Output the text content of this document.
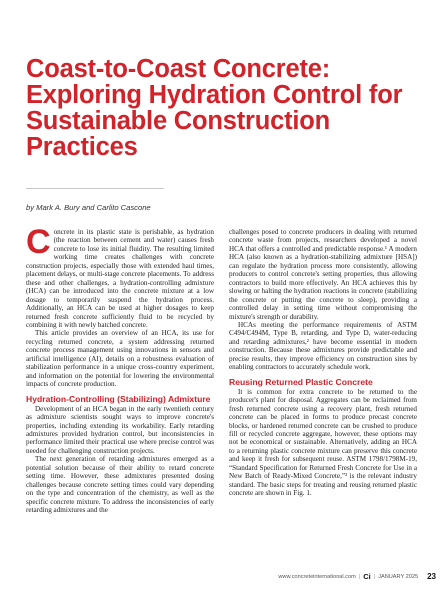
Coast-to-Coast Concrete: Exploring Hydration Control for Sustainable Construction Practices
by Mark A. Bury and Carlito Cascone

Concrete in its plastic state is perishable, as hydration (the reaction between cement and water) causes fresh concrete to lose its initial fluidity. The resulting limited working time creates challenges with concrete construction projects, especially those with extended haul times, placement delays, or multi-stage concrete placements. To address these and other challenges, a hydration-controlling admixture (HCA) can be introduced into the concrete mixture at a low dosage to temporarily suspend the hydration process. Additionally, an HCA can be used at higher dosages to keep returned fresh concrete sufficiently fluid to be recycled by combining it with newly batched concrete.

This article provides an overview of an HCA, its use for recycling returned concrete, a system addressing returned concrete process management using innovations in sensors and artificial intelligence (AI), details on a robustness evaluation of stabilization performance in a unique cross-country experiment, and information on the potential for lowering the environmental impacts of concrete production.

Hydration-Controlling (Stabilizing) Admixture

Development of an HCA began in the early twentieth century as admixture scientists sought ways to improve concrete's properties, including extending its workability. Early retarding admixtures provided hydration control, but inconsistencies in performance limited their practical use where precise control was needed for challenging construction projects.

The next generation of retarding admixtures emerged as a potential solution because of their ability to retard concrete setting time. However, these admixtures presented dosing challenges because concrete setting times could vary depending on the type and concentration of the chemistry, as well as the specific concrete mixture. To address the inconsistencies of early retarding admixtures and the

challenges posed to concrete producers in dealing with returned concrete waste from projects, researchers developed a novel HCA that offers a controlled and predictable response.¹ A modern HCA (also known as a hydration-stabilizing admixture [HSA]) can regulate the hydration process more consistently, allowing producers to control concrete's setting properties, thus allowing contractors to build more effectively. An HCA achieves this by slowing or halting the hydration reactions in concrete (stabilizing the concrete or putting the concrete to sleep), providing a controlled delay in setting time without compromising the mixture's strength or durability.

HCAs meeting the performance requirements of ASTM C494/C494M, Type B, retarding, and Type D, water-reducing and retarding admixtures,² have become essential in modern construction. Because these admixtures provide predictable and precise results, they improve efficiency on construction sites by enabling contractors to accurately schedule work.

Reusing Returned Plastic Concrete

It is common for extra concrete to be returned to the producer's plant for disposal. Aggregates can be reclaimed from fresh returned concrete using a recovery plant, fresh returned concrete can be placed in forms to produce precast concrete blocks, or hardened returned concrete can be crushed to produce fill or recycled concrete aggregate, however, these options may not be economical or sustainable. Alternatively, adding an HCA to a returning plastic concrete mixture can preserve this concrete and keep it fresh for subsequent reuse. ASTM 1798/1798M-19, “Standard Specification for Returned Fresh Concrete for Use in a New Batch of Ready-Mixed Concrete,”³ is the relevant industry standard. The basic steps for treating and reusing returned plastic concrete are shown in Fig. 1.

www.concreteinternational.com | Ci | JANUARY 2025 23
